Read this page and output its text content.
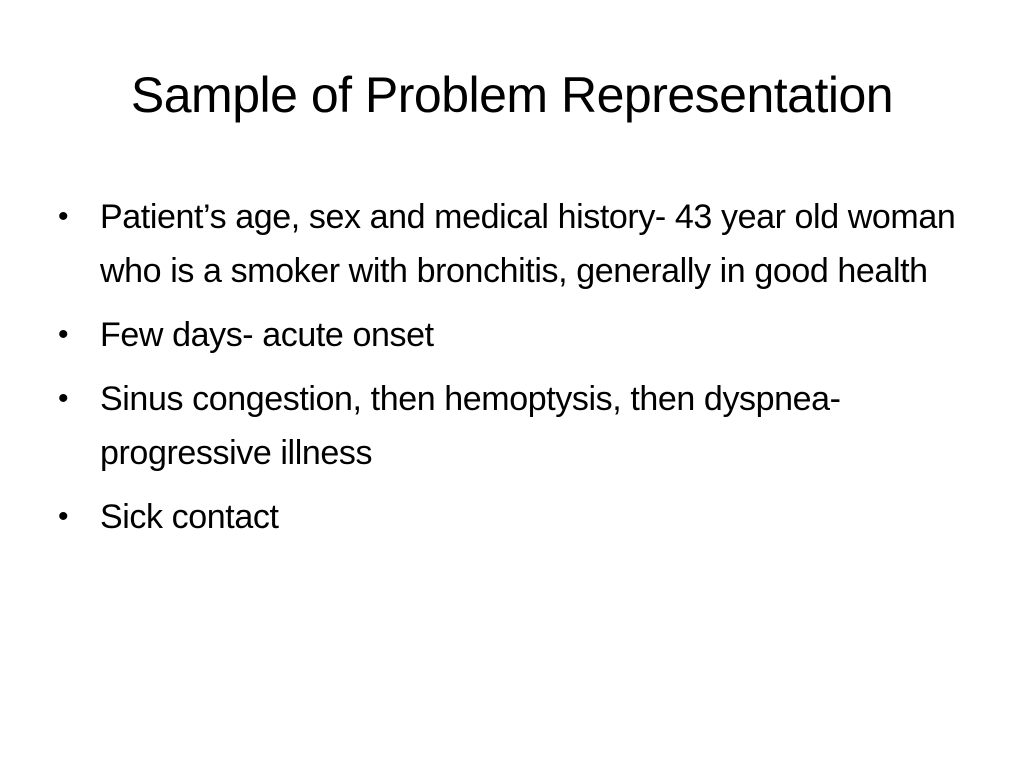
Sample of Problem Representation
• Patient’s age, sex and medical history- 43 year old woman who is a smoker with bronchitis, generally in good health
• Few days- acute onset
• Sinus congestion, then hemoptysis, then dyspnea- progressive illness
• Sick contact
